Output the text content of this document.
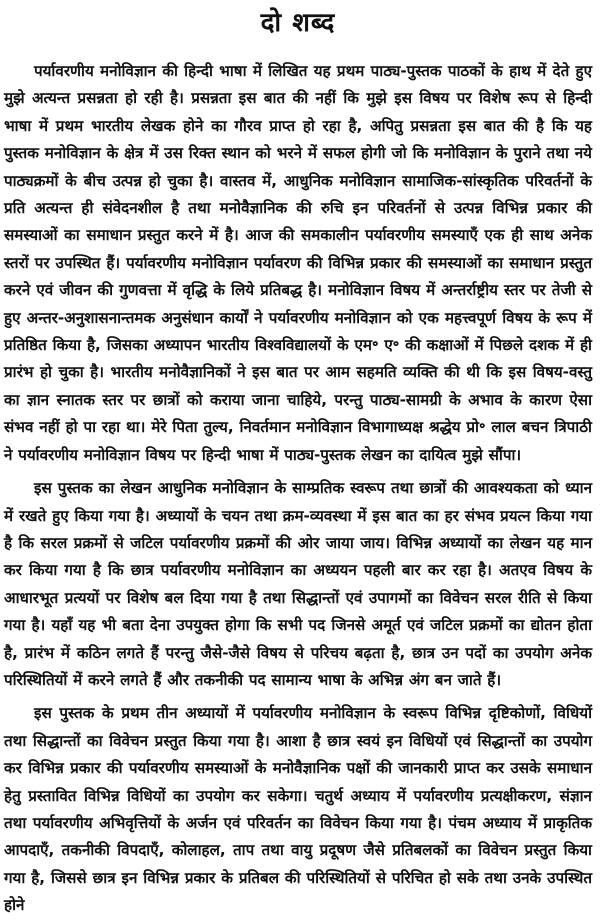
दो शब्द

पर्यावरणीय मनोविज्ञान की हिन्दी भाषा में लिखित यह प्रथम पाठ्य-पुस्तक पाठकों के हाथ में देते हुए मुझे अत्यन्त प्रसन्नता हो रही है। प्रसन्नता इस बात की नहीं कि मुझे इस विषय पर विशेष रूप से हिन्दी भाषा में प्रथम भारतीय लेखक होने का गौरव प्राप्त हो रहा है, अपितु प्रसन्नता इस बात की है कि यह पुस्तक मनोविज्ञान के क्षेत्र में उस रिक्त स्थान को भरने में सफल होगी जो कि मनोविज्ञान के पुराने तथा नये पाठ्यक्रमों के बीच उत्पन्न हो चुका है। वास्तव में, आधुनिक मनोविज्ञान सामाजिक-सांस्कृतिक परिवर्तनों के प्रति अत्यन्त ही संवेदनशील है तथा मनोवैज्ञानिक की रुचि इन परिवर्तनों से उत्पन्न विभिन्न प्रकार की समस्याओं का समाधान प्रस्तुत करने में है। आज की समकालीन पर्यावरणीय समस्याएँ एक ही साथ अनेक स्तरों पर उपस्थित हैं। पर्यावरणीय मनोविज्ञान पर्यावरण की विभिन्न प्रकार की समस्याओं का समाधान प्रस्तुत करने एवं जीवन की गुणवत्ता में वृद्धि के लिये प्रतिबद्ध है। मनोविज्ञान विषय में अन्तर्राष्ट्रीय स्तर पर तेजी से हुए अन्तर-अनुशासनान्तमक अनुसंधान कार्यों ने पर्यावरणीय मनोविज्ञान को एक महत्त्वपूर्ण विषय के रूप में प्रतिष्ठित किया है, जिसका अध्यापन भारतीय विश्वविद्यालयों के एम॰ ए॰ की कक्षाओं में पिछले दशक में ही प्रारंभ हो चुका है। भारतीय मनोवैज्ञानिकों ने इस बात पर आम सहमति व्यक्ति की थी कि इस विषय-वस्तु का ज्ञान स्नातक स्तर पर छात्रों को कराया जाना चाहिये, परन्तु पाठ्य-सामग्री के अभाव के कारण ऐसा संभव नहीं हो पा रहा था। मेरे पिता तुल्य, निवर्तमान मनोविज्ञान विभागाध्यक्ष श्रद्धेय प्रो॰ लाल बचन त्रिपाठी ने पर्यावरणीय मनोविज्ञान विषय पर हिन्दी भाषा में पाठ्य-पुस्तक लेखन का दायित्व मुझे सौंपा।

इस पुस्तक का लेखन आधुनिक मनोविज्ञान के साम्प्रतिक स्वरूप तथा छात्रों की आवश्यकता को ध्यान में रखते हुए किया गया है। अध्यायों के चयन तथा क्रम-व्यवस्था में इस बात का हर संभव प्रयत्न किया गया है कि सरल प्रक्रमों से जटिल पर्यावरणीय प्रक्रमों की ओर जाया जाय। विभिन्न अध्यायों का लेखन यह मान कर किया गया है कि छात्र पर्यावरणीय मनोविज्ञान का अध्ययन पहली बार कर रहा है। अतएव विषय के आधारभूत प्रत्ययों पर विशेष बल दिया गया है तथा सिद्धान्तों एवं उपागमों का विवेचन सरल रीति से किया गया है। यहाँ यह भी बता देना उपयुक्त होगा कि सभी पद जिनसे अमूर्त एवं जटिल प्रक्रमों का द्योतन होता है, प्रारंभ में कठिन लगते हैं परन्तु जैसे-जैसे विषय से परिचय बढ़ता है, छात्र उन पदों का उपयोग अनेक परिस्थितियों में करने लगते हैं और तकनीकी पद सामान्य भाषा के अभिन्न अंग बन जाते हैं।

इस पुस्तक के प्रथम तीन अध्यायों में पर्यावरणीय मनोविज्ञान के स्वरूप विभिन्न दृष्टिकोणों, विधियों तथा सिद्धान्तों का विवेचन प्रस्तुत किया गया है। आशा है छात्र स्वयं इन विधियों एवं सिद्धान्तों का उपयोग कर विभिन्न प्रकार की पर्यावरणीय समस्याओं के मनोवैज्ञानिक पक्षों की जानकारी प्राप्त कर उसके समाधान हेतु प्रस्तावित विभिन्न विधियों का उपयोग कर सकेगा। चतुर्थ अध्याय में पर्यावरणीय प्रत्यक्षीकरण, संज्ञान तथा पर्यावरणीय अभिवृत्तियों के अर्जन एवं परिवर्तन का विवेचन किया गया है। पंचम अध्याय में प्राकृतिक आपदाएँ, तकनीकी विपदाएँ, कोलाहल, ताप तथा वायु प्रदूषण जैसे प्रतिबलकों का विवेचन प्रस्तुत किया गया है, जिससे छात्र इन विभिन्न प्रकार के प्रतिबल की परिस्थितियों से परिचित हो सके तथा उनके उपस्थित होने
